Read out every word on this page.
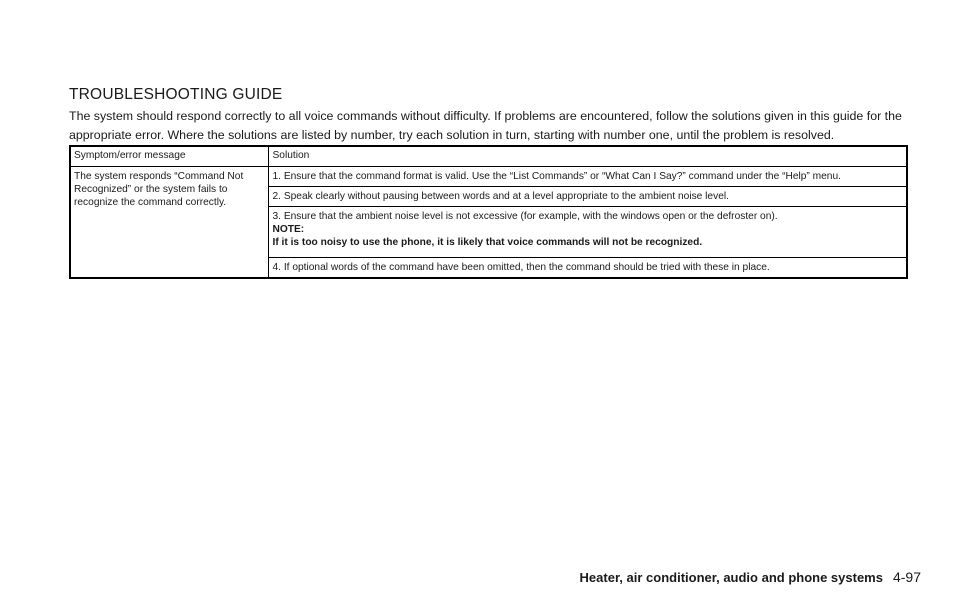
TROUBLESHOOTING GUIDE

The system should respond correctly to all voice commands without difficulty. If problems are encountered, follow the solutions given in this guide for the appropriate error. Where the solutions are listed by number, try each solution in turn, starting with number one, until the problem is resolved.

Symptom/error message	Solution
The system responds “Command Not Recognized” or the system fails to recognize the command correctly.	1. Ensure that the command format is valid. Use the “List Commands” or “What Can I Say?” command under the “Help” menu.
	2. Speak clearly without pausing between words and at a level appropriate to the ambient noise level.
	3. Ensure that the ambient noise level is not excessive (for example, with the windows open or the defroster on).
NOTE:
If it is too noisy to use the phone, it is likely that voice commands will not be recognized.

	4. If optional words of the command have been omitted, then the command should be tried with these in place.
Heater, air conditioner, audio and phone systems 4-97
